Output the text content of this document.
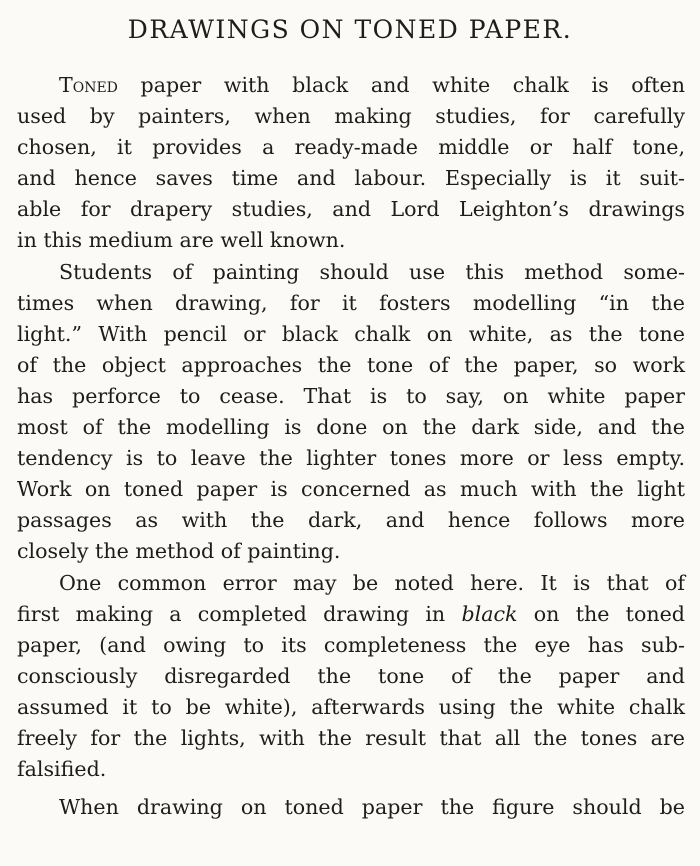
DRAWINGS ON TONED PAPER.
Toned paper with black and white chalk is often
used by painters, when making studies, for carefully
chosen, it provides a ready-made middle or half tone,
and hence saves time and labour. Especially is it suit-
able for drapery studies, and Lord Leighton’s drawings
in this medium are well known.
Students of painting should use this method some-
times when drawing, for it fosters modelling “in the
light.” With pencil or black chalk on white, as the tone
of the object approaches the tone of the paper, so work
has perforce to cease. That is to say, on white paper
most of the modelling is done on the dark side, and the
tendency is to leave the lighter tones more or less empty.
Work on toned paper is concerned as much with the light
passages as with the dark, and hence follows more
closely the method of painting.
One common error may be noted here. It is that of
first making a completed drawing in black on the toned
paper, (and owing to its completeness the eye has sub-
consciously disregarded the tone of the paper and
assumed it to be white), afterwards using the white chalk
freely for the lights, with the result that all the tones are
falsified.
When drawing on toned paper the figure should be
